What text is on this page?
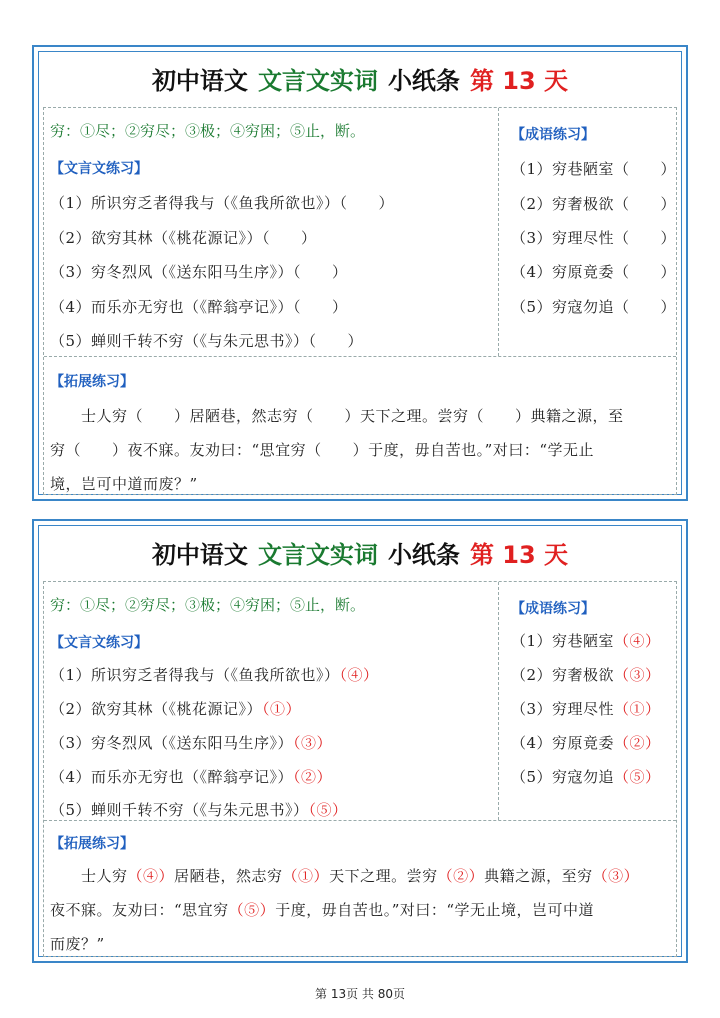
初中语文 文言文实词 小纸条 第 13 天
穷：①尽；②穷尽；③极；④穷困；⑤止，断。
【文言文练习】
（1）所识穷乏者得我与（《鱼我所欲也》）（　　）
（2）欲穷其林（《桃花源记》）（　　）
（3）穷冬烈风（《送东阳马生序》）（　　）
（4）而乐亦无穷也（《醉翁亭记》）（　　）
（5）蝉则千转不穷（《与朱元思书》）（　　）
【成语练习】
（1）穷巷陋室（　　）
（2）穷奢极欲（　　）
（3）穷理尽性（　　）
（4）穷原竟委（　　）
（5）穷寇勿追（　　）
【拓展练习】
　　士人穷（　　）居陋巷，然志穷（　　）天下之理。尝穷（　　）典籍之源，至
穷（　　）夜不寐。友劝曰：“思宜穷（　　）于度，毋自苦也。”对曰：“学无止
境，岂可中道而废？”
初中语文 文言文实词 小纸条 第 13 天
穷：①尽；②穷尽；③极；④穷困；⑤止，断。
【文言文练习】
（1）所识穷乏者得我与（《鱼我所欲也》）（④）
（2）欲穷其林（《桃花源记》）（①）
（3）穷冬烈风（《送东阳马生序》）（③）
（4）而乐亦无穷也（《醉翁亭记》）（②）
（5）蝉则千转不穷（《与朱元思书》）（⑤）
【成语练习】
（1）穷巷陋室（④）
（2）穷奢极欲（③）
（3）穷理尽性（①）
（4）穷原竟委（②）
（5）穷寇勿追（⑤）
【拓展练习】
　　士人穷（④）居陋巷，然志穷（①）天下之理。尝穷（②）典籍之源，至穷（③）
夜不寐。友劝曰：“思宜穷（⑤）于度，毋自苦也。”对曰：“学无止境，岂可中道
而废？”
第 13页 共 80页
